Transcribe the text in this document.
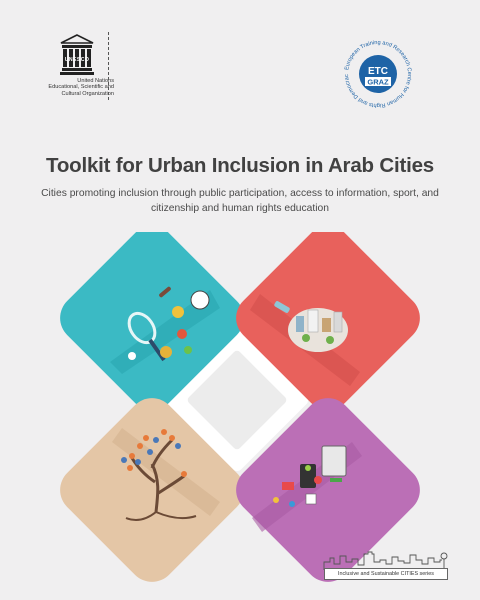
UNESCO
United Nations
Educational, Scientific and
Cultural Organization
European Training and Research Centre for Human Rights and Democrac	ETC
GRAZ
Toolkit for Urban Inclusion in Arab Cities
Cities promoting inclusion through public participation, access to information, sport, and citizenship and human rights education
Inclusive and Sustainable CITIES series
